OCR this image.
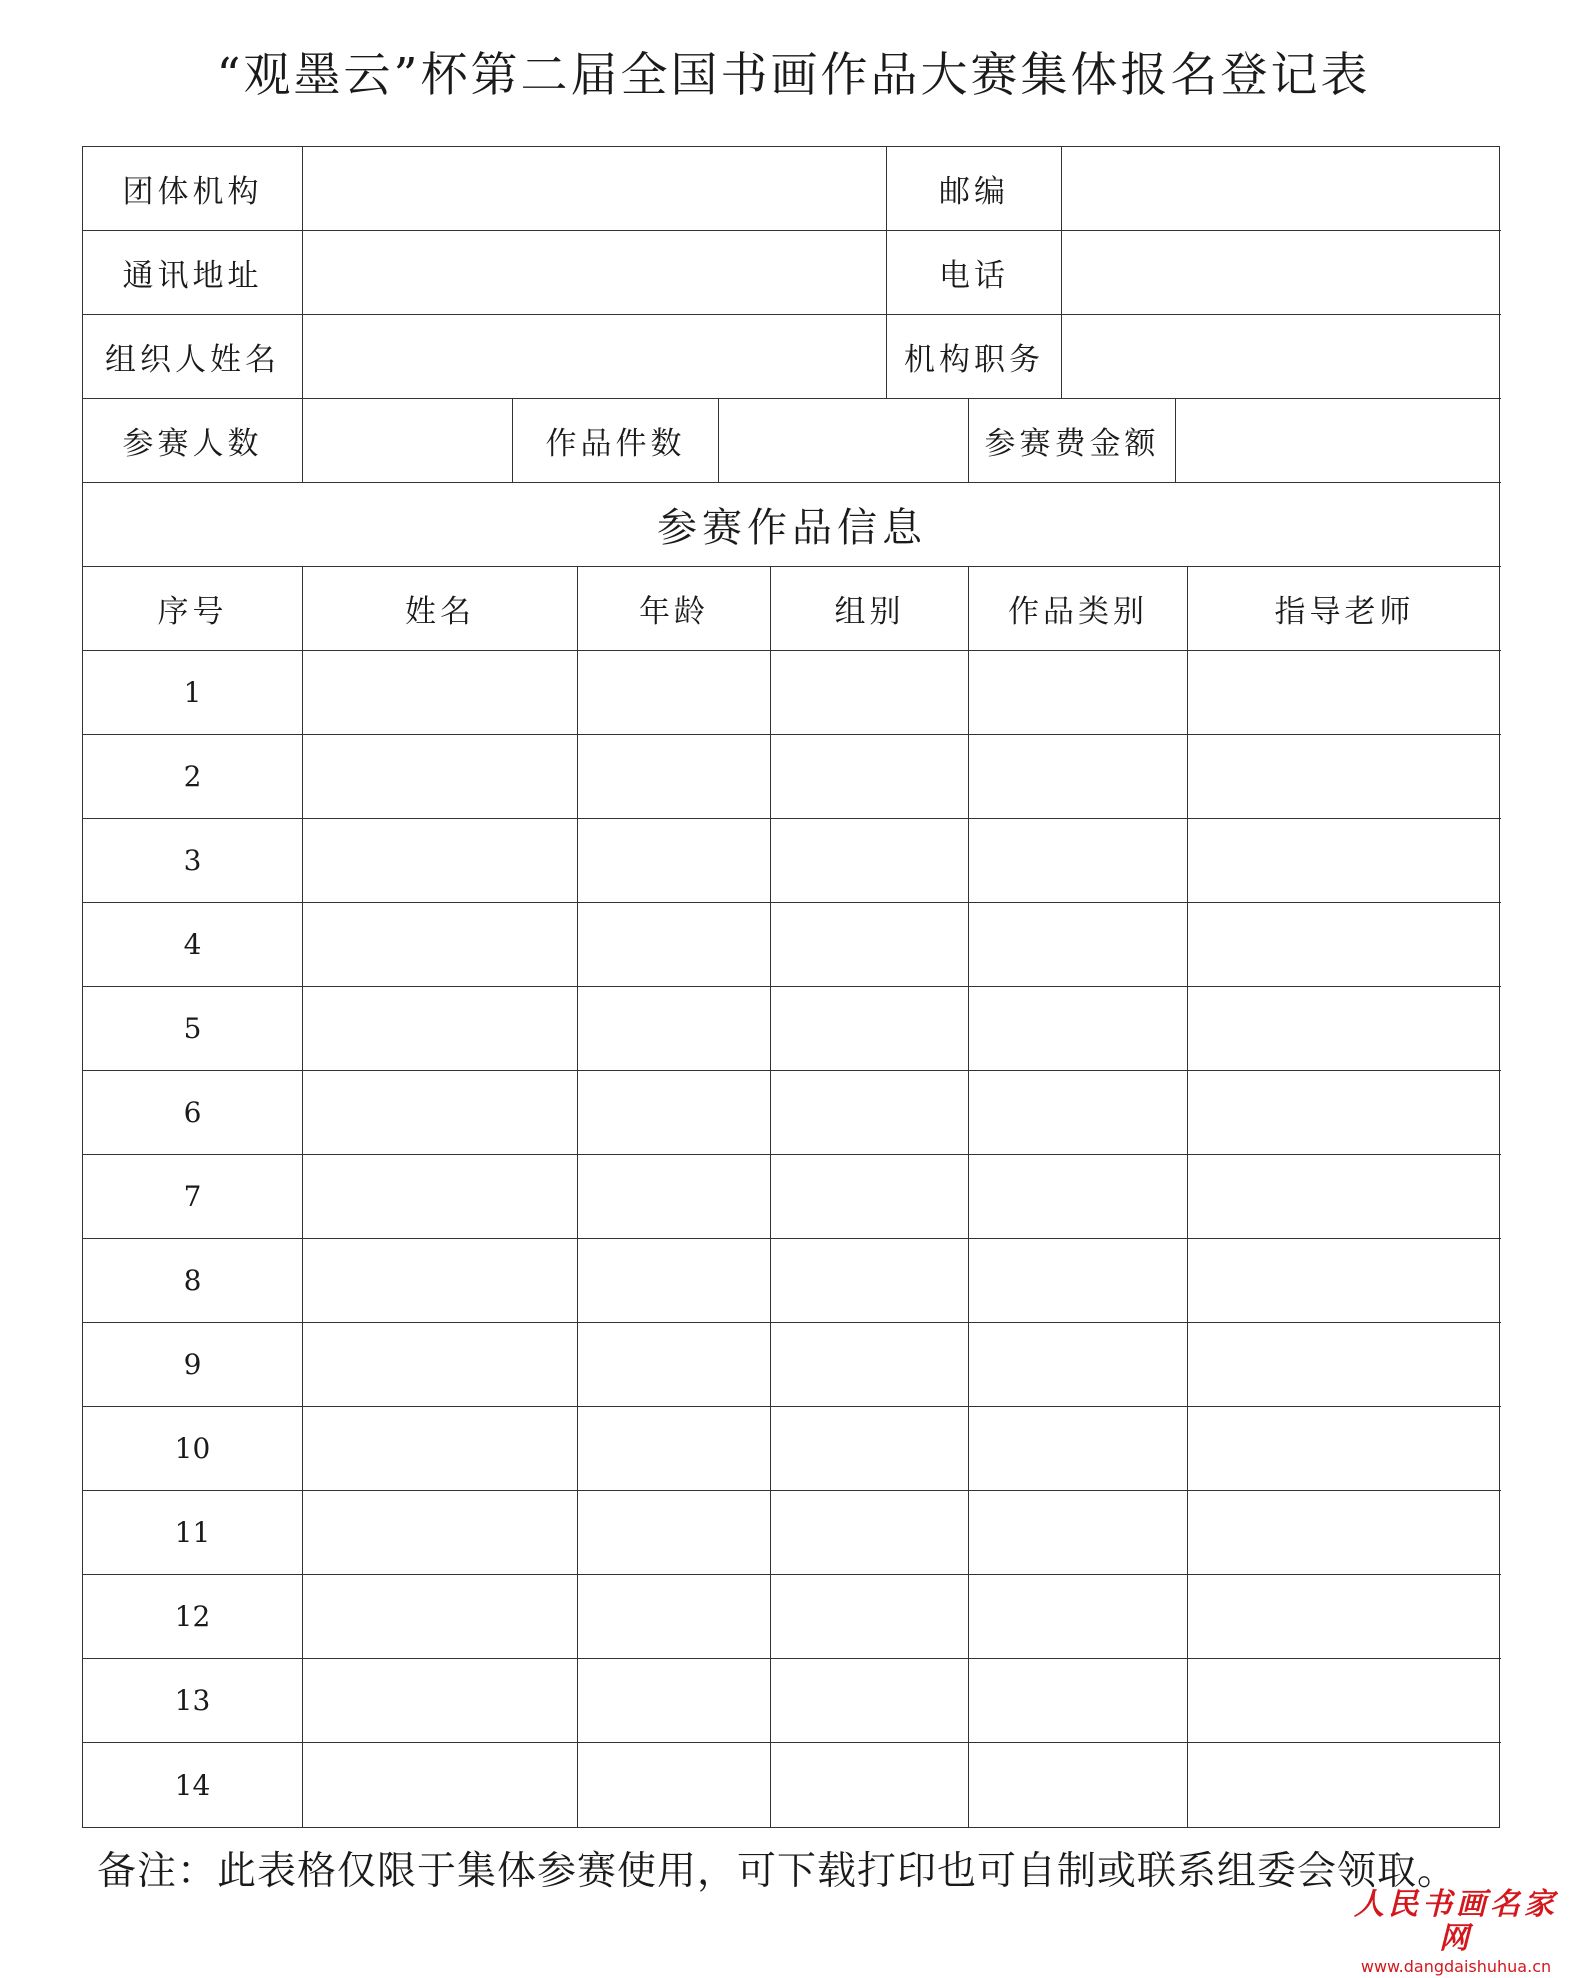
“观墨云”杯第二届全国书画作品大赛集体报名登记表
团体机构	邮编
通讯地址	电话
组织人姓名	机构职务
参赛人数	作品件数	参赛费金额
参赛作品信息
序号	姓名	年龄	组别	作品类别	指导老师
1
2
3
4
5
6
7
8
9
10
11
12
13
14
备注：此表格仅限于集体参赛使用，可下载打印也可自制或联系组委会领取。
人民书画名家网
www.dangdaishuhua.cn
